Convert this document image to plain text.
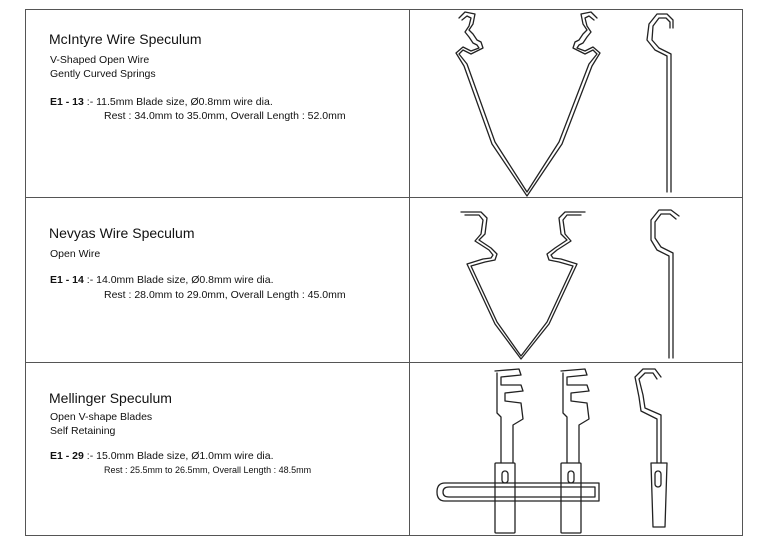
McIntyre Wire Speculum
V-Shaped Open Wire
Gently Curved Springs
E1 - 13 :- 11.5mm Blade size, Ø0.8mm wire dia.
Rest : 34.0mm to 35.0mm, Overall Length : 52.0mm
Nevyas Wire Speculum
Open Wire
E1 - 14 :- 14.0mm Blade size, Ø0.8mm wire dia.
Rest : 28.0mm to 29.0mm, Overall Length : 45.0mm
Mellinger Speculum
Open V-shape Blades
Self Retaining
E1 - 29 :- 15.0mm Blade size, Ø1.0mm wire dia.
Rest : 25.5mm to 26.5mm, Overall Length : 48.5mm
